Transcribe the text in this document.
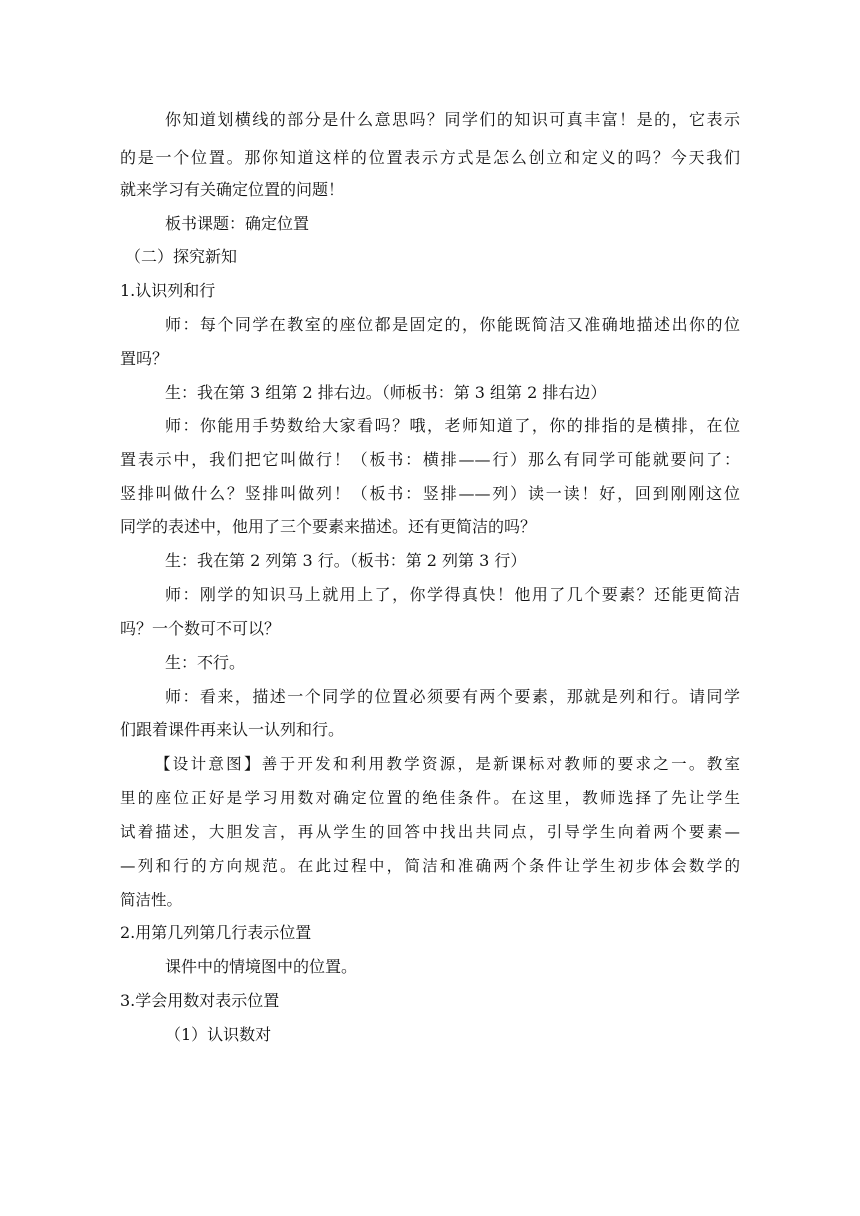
你知道划横线的部分是什么意思吗？同学们的知识可真丰富！是的，它表示
的是一个位置。那你知道这样的位置表示方式是怎么创立和定义的吗？今天我们
就来学习有关确定位置的问题！
板书课题：确定位置
（二）探究新知
1.认识列和行
师：每个同学在教室的座位都是固定的，你能既简洁又准确地描述出你的位
置吗？
生：我在第 3 组第 2 排右边。（师板书：第 3 组第 2 排右边）
师：你能用手势数给大家看吗？哦，老师知道了，你的排指的是横排，在位
置表示中，我们把它叫做行！（板书：横排——行）那么有同学可能就要问了：
竖排叫做什么？竖排叫做列！（板书：竖排——列）读一读！好，回到刚刚这位
同学的表述中，他用了三个要素来描述。还有更简洁的吗？
生：我在第 2 列第 3 行。（板书：第 2 列第 3 行）
师：刚学的知识马上就用上了，你学得真快！他用了几个要素？还能更简洁
吗？一个数可不可以？
生：不行。
师：看来，描述一个同学的位置必须要有两个要素，那就是列和行。请同学
们跟着课件再来认一认列和行。
【设计意图】善于开发和利用教学资源，是新课标对教师的要求之一。教室
里的座位正好是学习用数对确定位置的绝佳条件。在这里，教师选择了先让学生
试着描述，大胆发言，再从学生的回答中找出共同点，引导学生向着两个要素—
—列和行的方向规范。在此过程中，简洁和准确两个条件让学生初步体会数学的
简洁性。
2.用第几列第几行表示位置
课件中的情境图中的位置。
3.学会用数对表示位置
（1）认识数对
